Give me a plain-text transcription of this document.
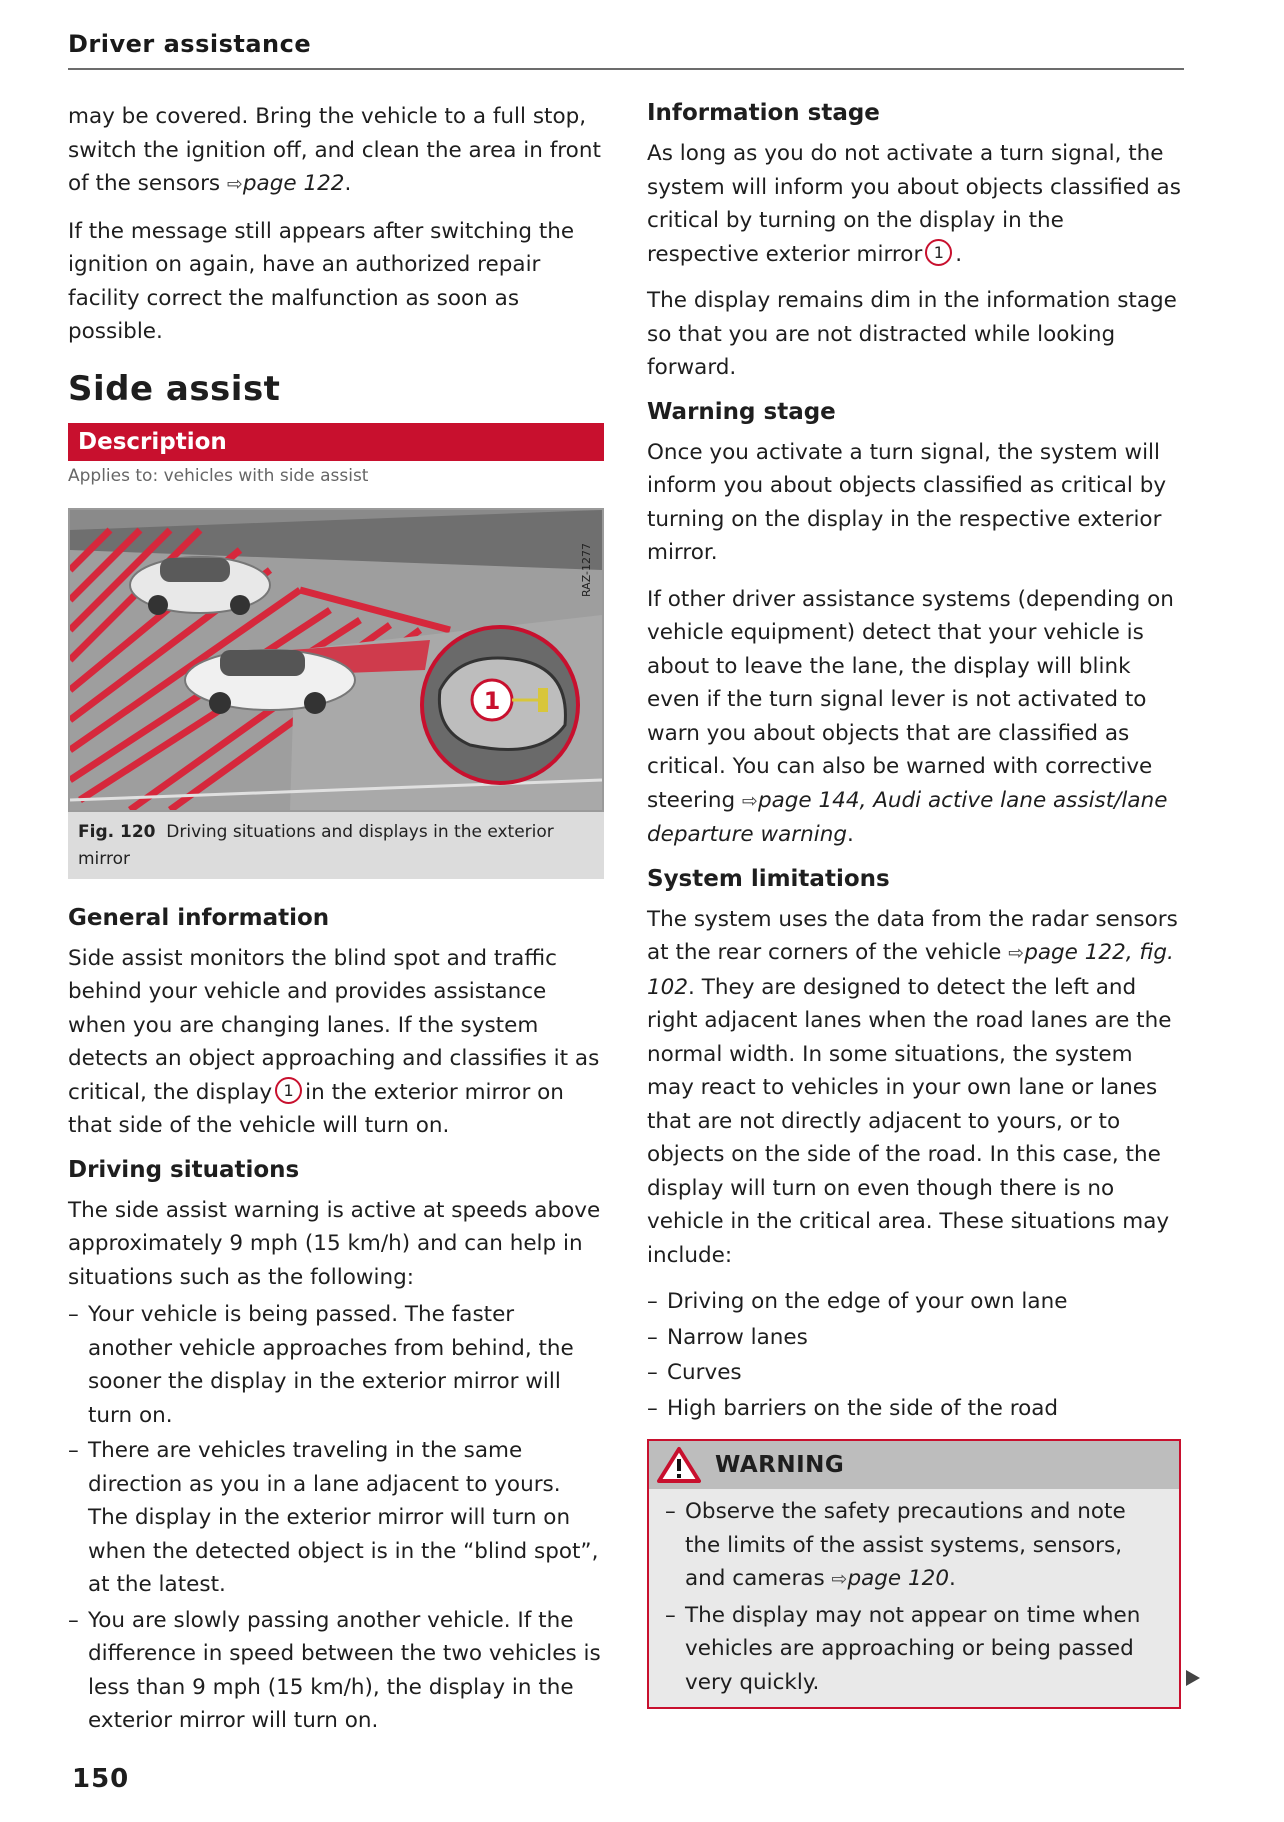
Driver assistance

may be covered. Bring the vehicle to a full stop, switch the ignition off, and clean the area in front of the sensors ⇨page 122.

If the message still appears after switching the ignition on again, have an authorized repair facility correct the malfunction as soon as possible.

Side assist
Description
Applies to: vehicles with side assist
1
RAZ-1277
Fig. 120 Driving situations and displays in the exterior mirror
General information

Side assist monitors the blind spot and traffic behind your vehicle and provides assistance when you are changing lanes. If the system detects an object approaching and classifies it as critical, the display 1 in the exterior mirror on that side of the vehicle will turn on.

Driving situations

The side assist warning is active at speeds above approximately 9 mph (15 km/h) and can help in situations such as the following:

– Your vehicle is being passed. The faster another vehicle approaches from behind, the sooner the display in the exterior mirror will turn on.
– There are vehicles traveling in the same direction as you in a lane adjacent to yours. The display in the exterior mirror will turn on when the detected object is in the “blind spot”, at the latest.
– You are slowly passing another vehicle. If the difference in speed between the two vehicles is less than 9 mph (15 km/h), the display in the exterior mirror will turn on.
Information stage

As long as you do not activate a turn signal, the system will inform you about objects classified as critical by turning on the display in the respective exterior mirror 1 .

The display remains dim in the information stage so that you are not distracted while looking forward.

Warning stage

Once you activate a turn signal, the system will inform you about objects classified as critical by turning on the display in the respective exterior mirror.

If other driver assistance systems (depending on vehicle equipment) detect that your vehicle is about to leave the lane, the display will blink even if the turn signal lever is not activated to warn you about objects that are classified as critical. You can also be warned with corrective steering ⇨page 144, Audi active lane assist/lane departure warning.

System limitations

The system uses the data from the radar sensors at the rear corners of the vehicle ⇨page 122, fig. 102. They are designed to detect the left and right adjacent lanes when the road lanes are the normal width. In some situations, the system may react to vehicles in your own lane or lanes that are not directly adjacent to yours, or to objects on the side of the road. In this case, the display will turn on even though there is no vehicle in the critical area. These situations may include:

– Driving on the edge of your own lane
– Narrow lanes
– Curves
– High barriers on the side of the road
WARNING
– Observe the safety precautions and note the limits of the assist systems, sensors, and cameras ⇨page 120.
– The display may not appear on time when vehicles are approaching or being passed very quickly.
150
